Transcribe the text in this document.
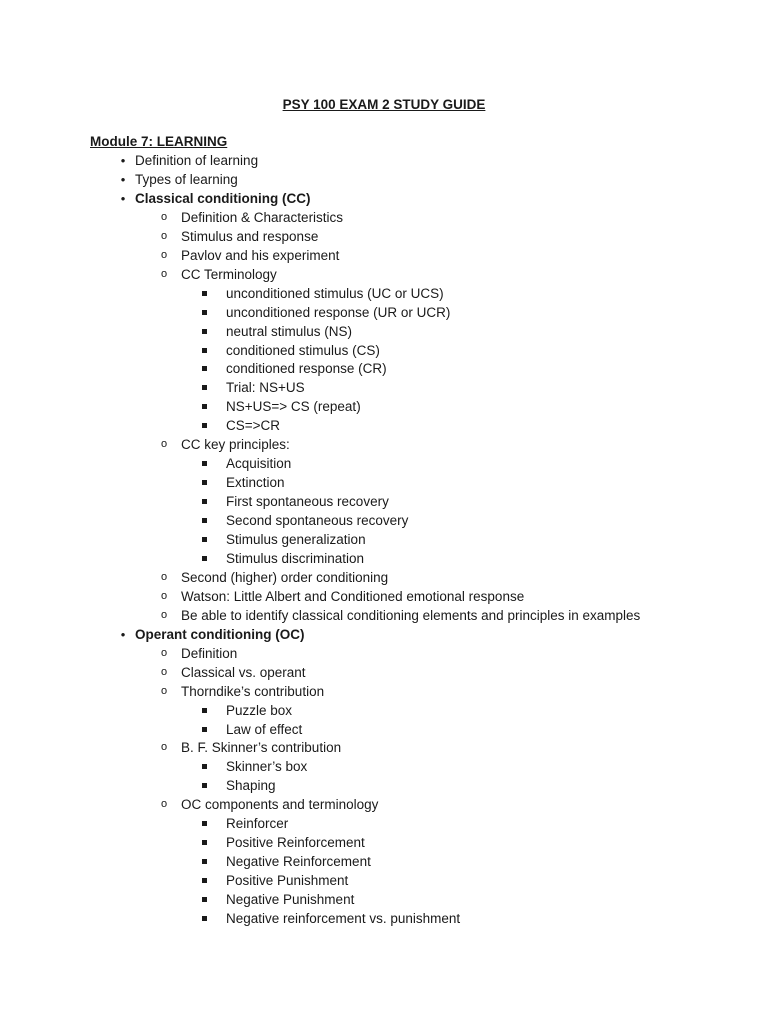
PSY 100 EXAM 2 STUDY GUIDE
Module 7: LEARNING
• Definition of learning
• Types of learning
• Classical conditioning (CC)
o Definition & Characteristics
o Stimulus and response
o Pavlov and his experiment
o CC Terminology
unconditioned stimulus (UC or UCS)
unconditioned response (UR or UCR)
neutral stimulus (NS)
conditioned stimulus (CS)
conditioned response (CR)
Trial: NS+US
NS+US=> CS (repeat)
CS=>CR
o CC key principles:
Acquisition
Extinction
First spontaneous recovery
Second spontaneous recovery
Stimulus generalization
Stimulus discrimination
o Second (higher) order conditioning
o Watson: Little Albert and Conditioned emotional response
o Be able to identify classical conditioning elements and principles in examples
• Operant conditioning (OC)
o Definition
o Classical vs. operant
o Thorndike’s contribution
Puzzle box
Law of effect
o B. F. Skinner’s contribution
Skinner’s box
Shaping
o OC components and terminology
Reinforcer
Positive Reinforcement
Negative Reinforcement
Positive Punishment
Negative Punishment
Negative reinforcement vs. punishment
